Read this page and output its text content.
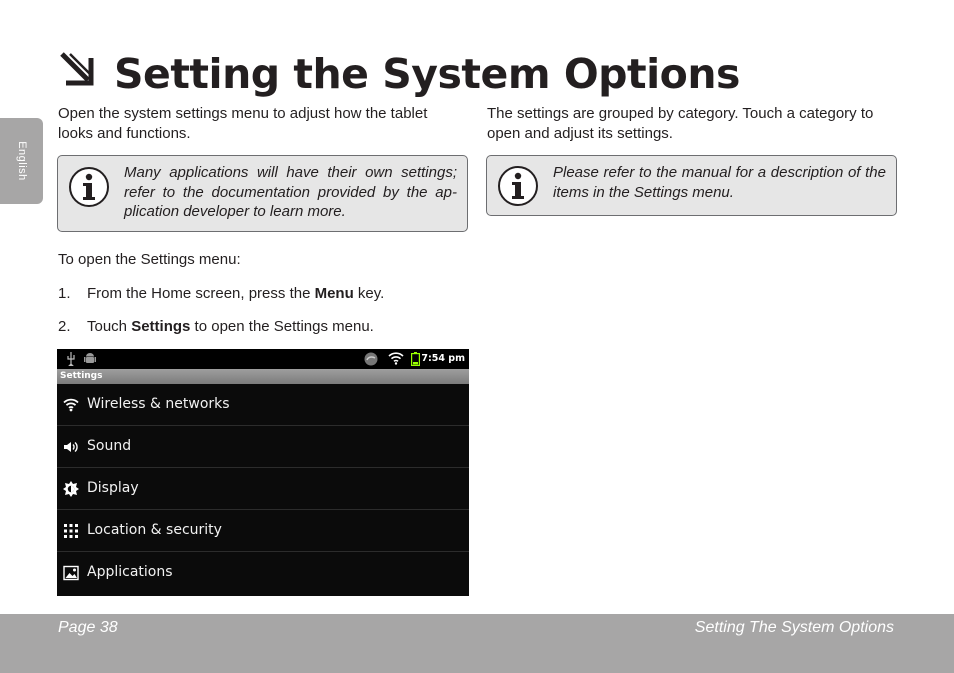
English
Setting the System Options

Open the system settings menu to adjust how the tablet looks and functions.

Many applications will have their own settings; refer to the documentation provided by the ap-plication developer to learn more.

The settings are grouped by category. Touch a category to open and adjust its settings.

Please refer to the manual for a description of the items in the Settings menu.

To open the Settings menu:

1. From the Home screen, press the Menu key.

2. Touch Settings to open the Settings menu.

7:54 pm
Settings
Wireless & networks
Sound
Display
Location & security
Applications
Page 38	Setting The System Options
